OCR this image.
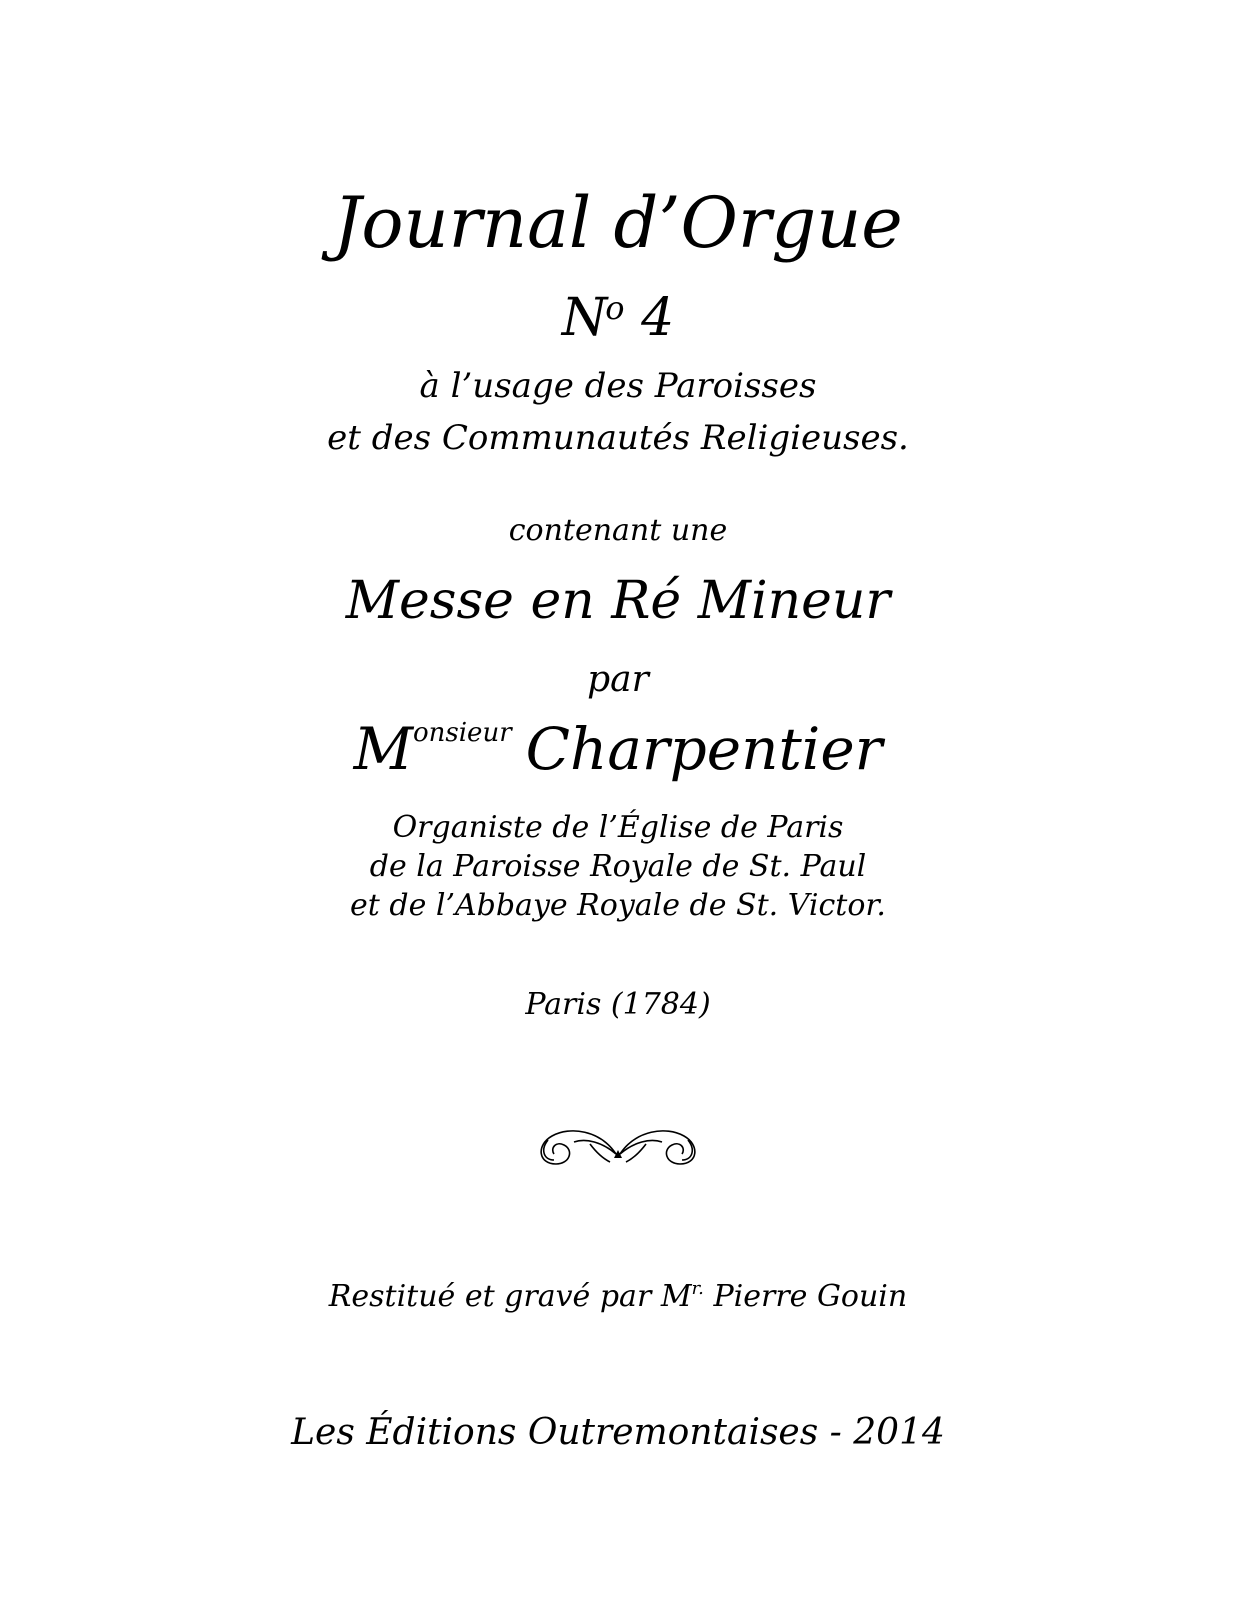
Journal d’Orgue
$N^o$ 4
à l’usage des Paroisses
et des Communautés Religieuses.
contenant une
Messe en Ré Mineur
par
$M^{onsieur}$ Charpentier
Organiste de l’Église de Paris
de la Paroisse Royale de St. Paul
et de l’Abbaye Royale de St. Victor.
Paris (1784)
Restitué et gravé par $M^{r.}$ Pierre Gouin
Les Éditions Outremontaises - 2014
